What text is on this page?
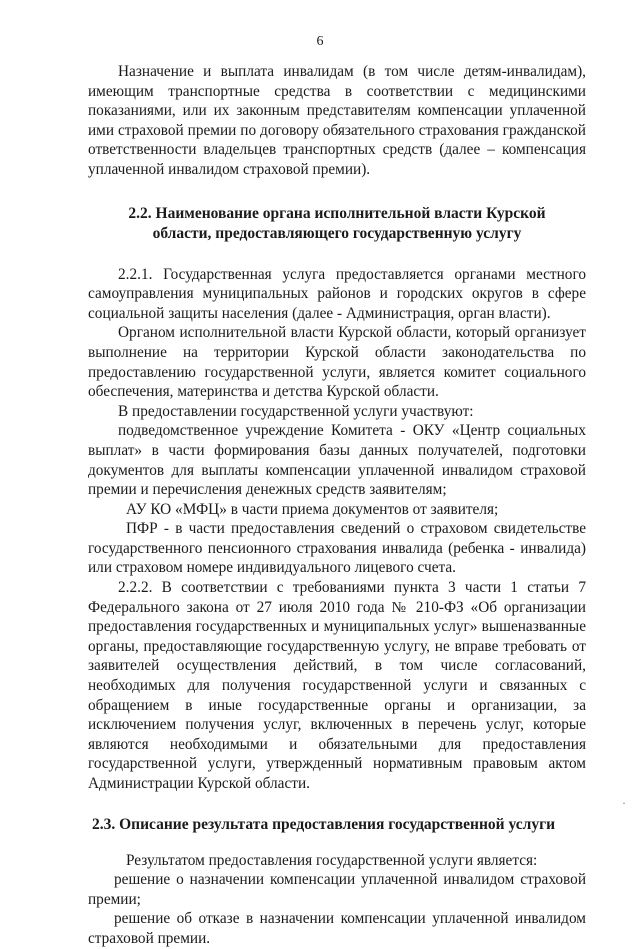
6

Назначение и выплата инвалидам (в том числе детям-инвалидам), имеющим транспортные средства в соответствии с медицинскими показаниями, или их законным представителям компенсации уплаченной ими страховой премии по договору обязательного страхования гражданской ответственности владельцев транспортных средств (далее – компенсация уплаченной инвалидом страховой премии).

2.2. Наименование органа исполнительной власти Курской области, предоставляющего государственную услугу

2.2.1. Государственная услуга предоставляется органами местного самоуправления муниципальных районов и городских округов в сфере социальной защиты населения (далее - Администрация, орган власти).

Органом исполнительной власти Курской области, который организует выполнение на территории Курской области законодательства по предоставлению государственной услуги, является комитет социального обеспечения, материнства и детства Курской области.

В предоставлении государственной услуги участвуют:

подведомственное учреждение Комитета - ОКУ «Центр социальных выплат» в части формирования базы данных получателей, подготовки документов для выплаты компенсации уплаченной инвалидом страховой премии и перечисления денежных средств заявителям;

АУ КО «МФЦ» в части приема документов от заявителя;

ПФР - в части предоставления сведений о страховом свидетельстве государственного пенсионного страхования инвалида (ребенка - инвалида) или страховом номере индивидуального лицевого счета.

2.2.2. В соответствии с требованиями пункта 3 части 1 статьи 7 Федерального закона от 27 июля 2010 года № 210-ФЗ «Об организации предоставления государственных и муниципальных услуг» вышеназванные органы, предоставляющие государственную услугу, не вправе требовать от заявителей осуществления действий, в том числе согласований, необходимых для получения государственной услуги и связанных с обращением в иные государственные органы и организации, за исключением получения услуг, включенных в перечень услуг, которые являются необходимыми и обязательными для предоставления государственной услуги, утвержденный нормативным правовым актом Администрации Курской области.

2.3. Описание результата предоставления государственной услуги

Результатом предоставления государственной услуги является:

решение о назначении компенсации уплаченной инвалидом страховой премии;

решение об отказе в назначении компенсации уплаченной инвалидом страховой премии.

·
